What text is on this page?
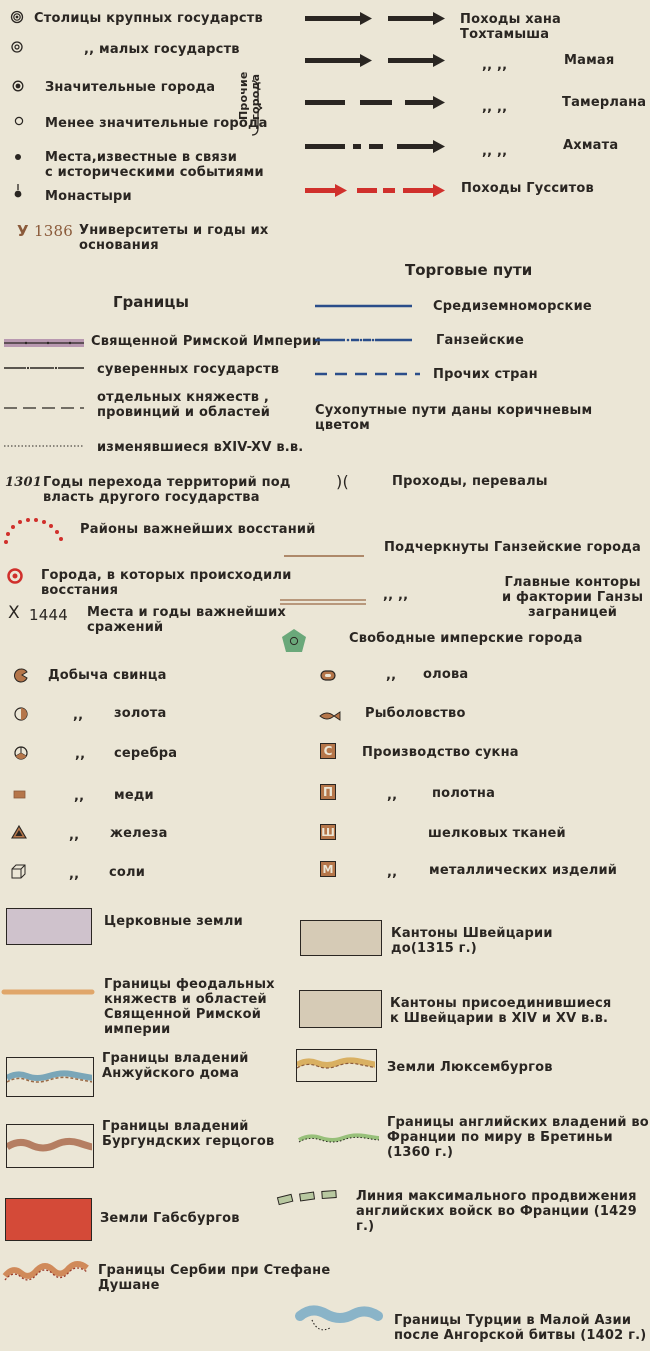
Столицы крупных государств
,, малых государств
Значительные города
Менее значительные города
Прочие
города
Места,известные в связи
с историческими событиями
Монастыри
У 1386 Университеты и годы их
основания
Походы хана Тохтамыша
,, ,,	Мамая
,, ,,	Тамерлана
,, ,,	Ахмата
Походы Гусситов
Границы
Священной Римской Империи
суверенных государств
отдельных княжеств ,
провинций и областей
изменявшиеся вXIV-XV в.в.
Торговые пути
Средиземноморские
Ганзейские
Прочих стран
Сухопутные пути даны коричневым цветом
1301 Годы перехода территорий под
власть другого государства
Районы важнейших восстаний
Города, в которых происходили
восстания
X 1444 Места и годы важнейших
сражений
)(	Проходы, перевалы
Подчеркнуты Ганзейские города
,, ,,
Главные конторы
и фактории Ганзы
заграницей
Свободные имперские города
Добыча свинца
,, золота
,, серебра
,, меди
,, железа
,, соли
,, олова
Рыболовство
С Производство сукна
П	,,	полотна
Ш	шелковых тканей
М	,, металлических изделий
Церковные земли
Границы феодальных
княжеств и областей
Священной Римской
империи
Границы владений
Анжуйского дома
Границы владений
Бургундских герцогов
Земли Габсбургов
Границы Сербии при Стефане
Душане
Кантоны Швейцарии
до(1315 г.)
Кантоны присоединившиеся
к Швейцарии в XIV и XV в.в.
Земли Люксембургов
Границы английских владений во
Франции по миру в Бретиньи
(1360 г.)
Линия максимального продвижения
английских войск во Франции (1429 г.)
Границы Турции в Малой Азии
после Ангорской битвы (1402 г.)
